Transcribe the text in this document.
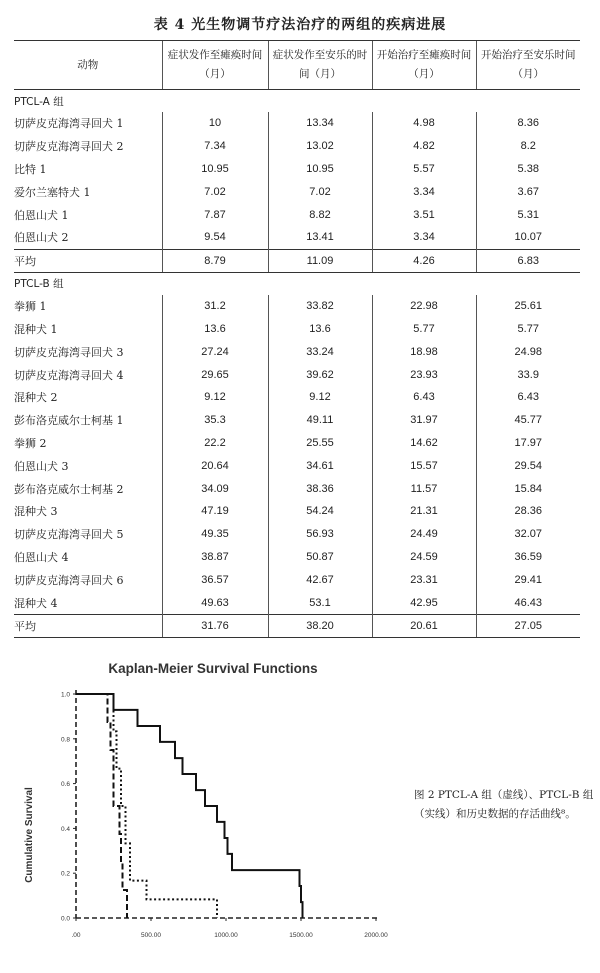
表 4 光生物调节疗法治疗的两组的疾病进展
动物	症状发作至瘫痪时间（月）	症状发作至安乐的时间（月）	开始治疗至瘫痪时间（月）	开始治疗至安乐时间（月）
PTCL-A 组				
切萨皮克海湾寻回犬 1	10	13.34	4.98	8.36
切萨皮克海湾寻回犬 2	7.34	13.02	4.82	8.2
比特 1	10.95	10.95	5.57	5.38
爱尔兰塞特犬 1	7.02	7.02	3.34	3.67
伯恩山犬 1	7.87	8.82	3.51	5.31
伯恩山犬 2	9.54	13.41	3.34	10.07
平均	8.79	11.09	4.26	6.83
PTCL-B 组				
拳狮 1	31.2	33.82	22.98	25.61
混种犬 1	13.6	13.6	5.77	5.77
切萨皮克海湾寻回犬 3	27.24	33.24	18.98	24.98
切萨皮克海湾寻回犬 4	29.65	39.62	23.93	33.9
混种犬 2	9.12	9.12	6.43	6.43
彭布洛克威尔士柯基 1	35.3	49.11	31.97	45.77
拳狮 2	22.2	25.55	14.62	17.97
伯恩山犬 3	20.64	34.61	15.57	29.54
彭布洛克威尔士柯基 2	34.09	38.36	11.57	15.84
混种犬 3	47.19	54.24	21.31	28.36
切萨皮克海湾寻回犬 5	49.35	56.93	24.49	32.07
伯恩山犬 4	38.87	50.87	24.59	36.59
切萨皮克海湾寻回犬 6	36.57	42.67	23.31	29.41
混种犬 4	49.63	53.1	42.95	46.43
平均	31.76	38.20	20.61	27.05
Kaplan-Meier Survival Functions
Cumulative Survival
0.0
0.2
0.4
0.6
0.8
1.0
.00	500.00	1000.00	1500.00	2000.00
图 2 PTCL-A 组（虚线）、PTCL-B 组（实线）和历史数据的存活曲线⁸。
